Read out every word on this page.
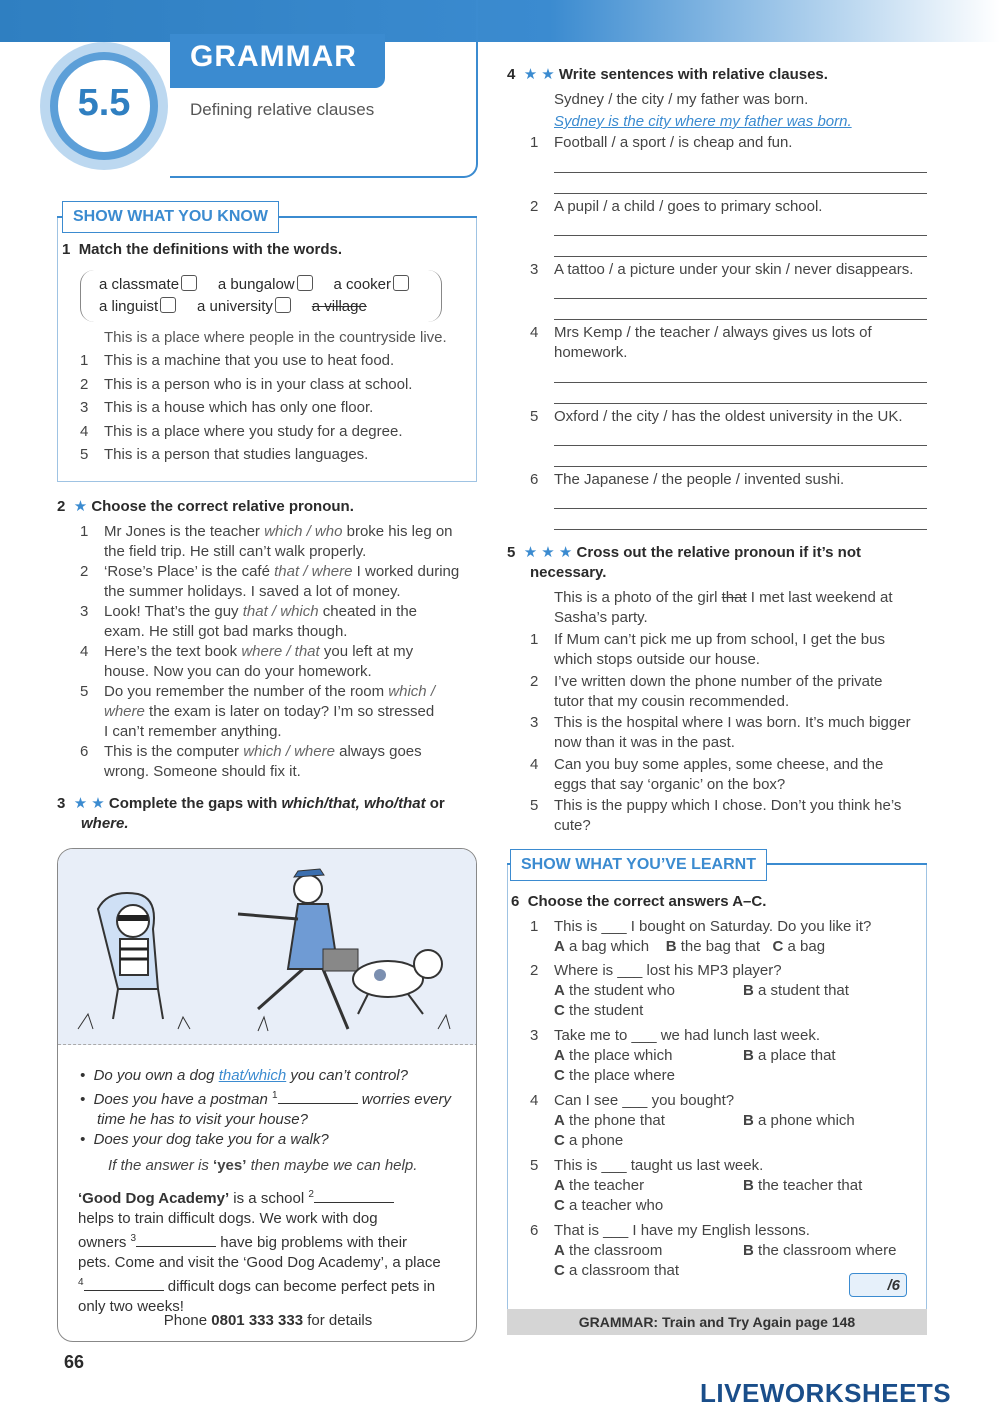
GRAMMAR
Defining relative clauses
5.5
SHOW WHAT YOU KNOW
1 Match the definitions with the words.
a classmate	a bungalow	a cooker
a linguist	a university	a village
This is a place where people in the countryside live.
1 This is a machine that you use to heat food.
2 This is a person who is in your class at school.
3 This is a house which has only one floor.
4 This is a place where you study for a degree.
5 This is a person that studies languages.
2 ★ Choose the correct relative pronoun.
1 Mr Jones is the teacher which / who broke his leg on
the field trip. He still can’t walk properly.
2 ‘Rose’s Place’ is the café that / where I worked during
the summer holidays. I saved a lot of money.
3 Look! That’s the guy that / which cheated in the
exam. He still got bad marks though.
4 Here’s the text book where / that you left at my
house. Now you can do your homework.
5 Do you remember the number of the room which /
where the exam is later on today? I’m so stressed
I can’t remember anything.
6 This is the computer which / where always goes
wrong. Someone should fix it.
3 ★ ★ Complete the gaps with which/that, who/that or
where.
•  Do you own a dog that/which you can’t control?
•  Does you have a postman $^1$	worries every
time he has to visit your house?
•  Does your dog take you for a walk?
If the answer is ‘yes’ then maybe we can help.
‘Good Dog Academy’ is a school $^2$
helps to train difficult dogs. We work with dog
owners $^3$	have big problems with their
pets. Come and visit the ‘Good Dog Academy’, a place
$^4$	difficult dogs can become perfect pets in
only two weeks!
Phone 0801 333 333 for details
4 ★ ★ Write sentences with relative clauses.
Sydney / the city / my father was born.
Sydney is the city where my father was born.
1 Football / a sport / is cheap and fun.
2 A pupil / a child / goes to primary school.
3 A tattoo / a picture under your skin / never disappears.
4 Mrs Kemp / the teacher / always gives us lots of
homework.
5 Oxford / the city / has the oldest university in the UK.
6 The Japanese / the people / invented sushi.
5 ★ ★ ★ Cross out the relative pronoun if it’s not
necessary.
This is a photo of the girl that I met last weekend at
Sasha’s party.
1 If Mum can’t pick me up from school, I get the bus
which stops outside our house.
2 I’ve written down the phone number of the private
tutor that my cousin recommended.
3 This is the hospital where I was born. It’s much bigger
now than it was in the past.
4 Can you buy some apples, some cheese, and the
eggs that say ‘organic’ on the box?
5 This is the puppy which I chose. Don’t you think he’s
cute?
SHOW WHAT YOU’VE LEARNT
6 Choose the correct answers A–C.
1 This is ___ I bought on Saturday. Do you like it?
A a bag which B the bag that C a bag
2 Where is ___ lost his MP3 player?
A the student who	B a student that
C the student
3 Take me to ___ we had lunch last week.
A the place which	B a place that
C the place where
4 Can I see ___ you bought?
A the phone that	B a phone which
C a phone
5 This is ___ taught us last week.
A the teacher	B the teacher that
C a teacher who
6 That is ___ I have my English lessons.
A the classroom	B the classroom where
C a classroom that
/6
GRAMMAR: Train and Try Again page 148
66
LIVEWORKSHEETS
